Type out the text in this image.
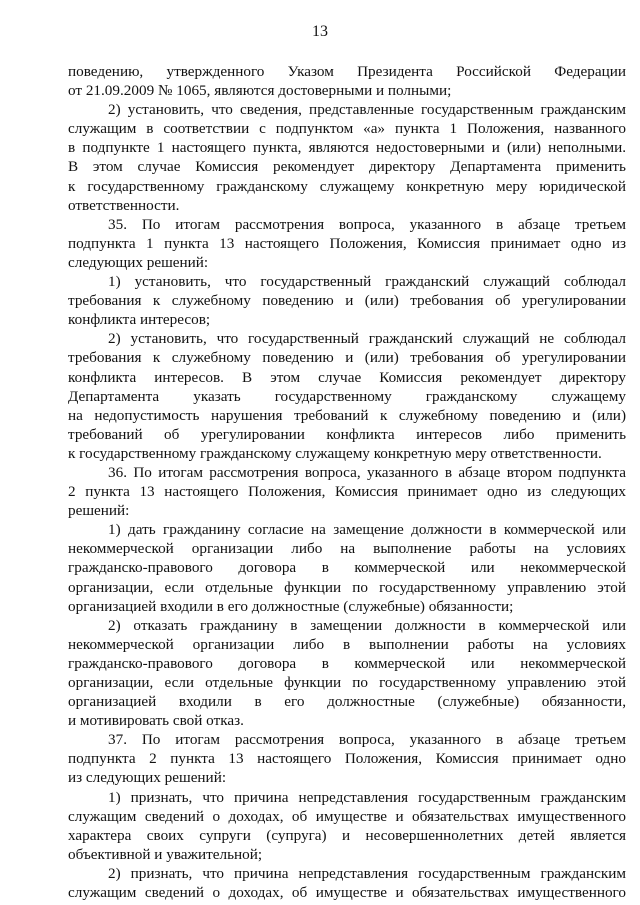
13
поведению, утвержденного Указом Президента Российской Федерации
от 21.09.2009 № 1065, являются достоверными и полными;
2) установить, что сведения, представленные государственным гражданским
служащим в соответствии с подпунктом «а» пункта 1 Положения, названного
в подпункте 1 настоящего пункта, являются недостоверными и (или) неполными.
В этом случае Комиссия рекомендует директору Департамента применить
к государственному гражданскому служащему конкретную меру юридической
ответственности.
35. По итогам рассмотрения вопроса, указанного в абзаце третьем
подпункта 1 пункта 13 настоящего Положения, Комиссия принимает одно из
следующих решений:
1) установить, что государственный гражданский служащий соблюдал
требования к служебному поведению и (или) требования об урегулировании
конфликта интересов;
2) установить, что государственный гражданский служащий не соблюдал
требования к служебному поведению и (или) требования об урегулировании
конфликта интересов. В этом случае Комиссия рекомендует директору
Департамента указать государственному гражданскому служащему
на недопустимость нарушения требований к служебному поведению и (или)
требований об урегулировании конфликта интересов либо применить
к государственному гражданскому служащему конкретную меру ответственности.
36. По итогам рассмотрения вопроса, указанного в абзаце втором подпункта
2 пункта 13 настоящего Положения, Комиссия принимает одно из следующих
решений:
1) дать гражданину согласие на замещение должности в коммерческой или
некоммерческой организации либо на выполнение работы на условиях
гражданско-правового договора в коммерческой или некоммерческой
организации, если отдельные функции по государственному управлению этой
организацией входили в его должностные (служебные) обязанности;
2) отказать гражданину в замещении должности в коммерческой или
некоммерческой организации либо в выполнении работы на условиях
гражданско-правового договора в коммерческой или некоммерческой
организации, если отдельные функции по государственному управлению этой
организацией входили в его должностные (служебные) обязанности,
и мотивировать свой отказ.
37. По итогам рассмотрения вопроса, указанного в абзаце третьем
подпункта 2 пункта 13 настоящего Положения, Комиссия принимает одно
из следующих решений:
1) признать, что причина непредставления государственным гражданским
служащим сведений о доходах, об имуществе и обязательствах имущественного
характера своих супруги (супруга) и несовершеннолетних детей является
объективной и уважительной;
2) признать, что причина непредставления государственным гражданским
служащим сведений о доходах, об имуществе и обязательствах имущественного
